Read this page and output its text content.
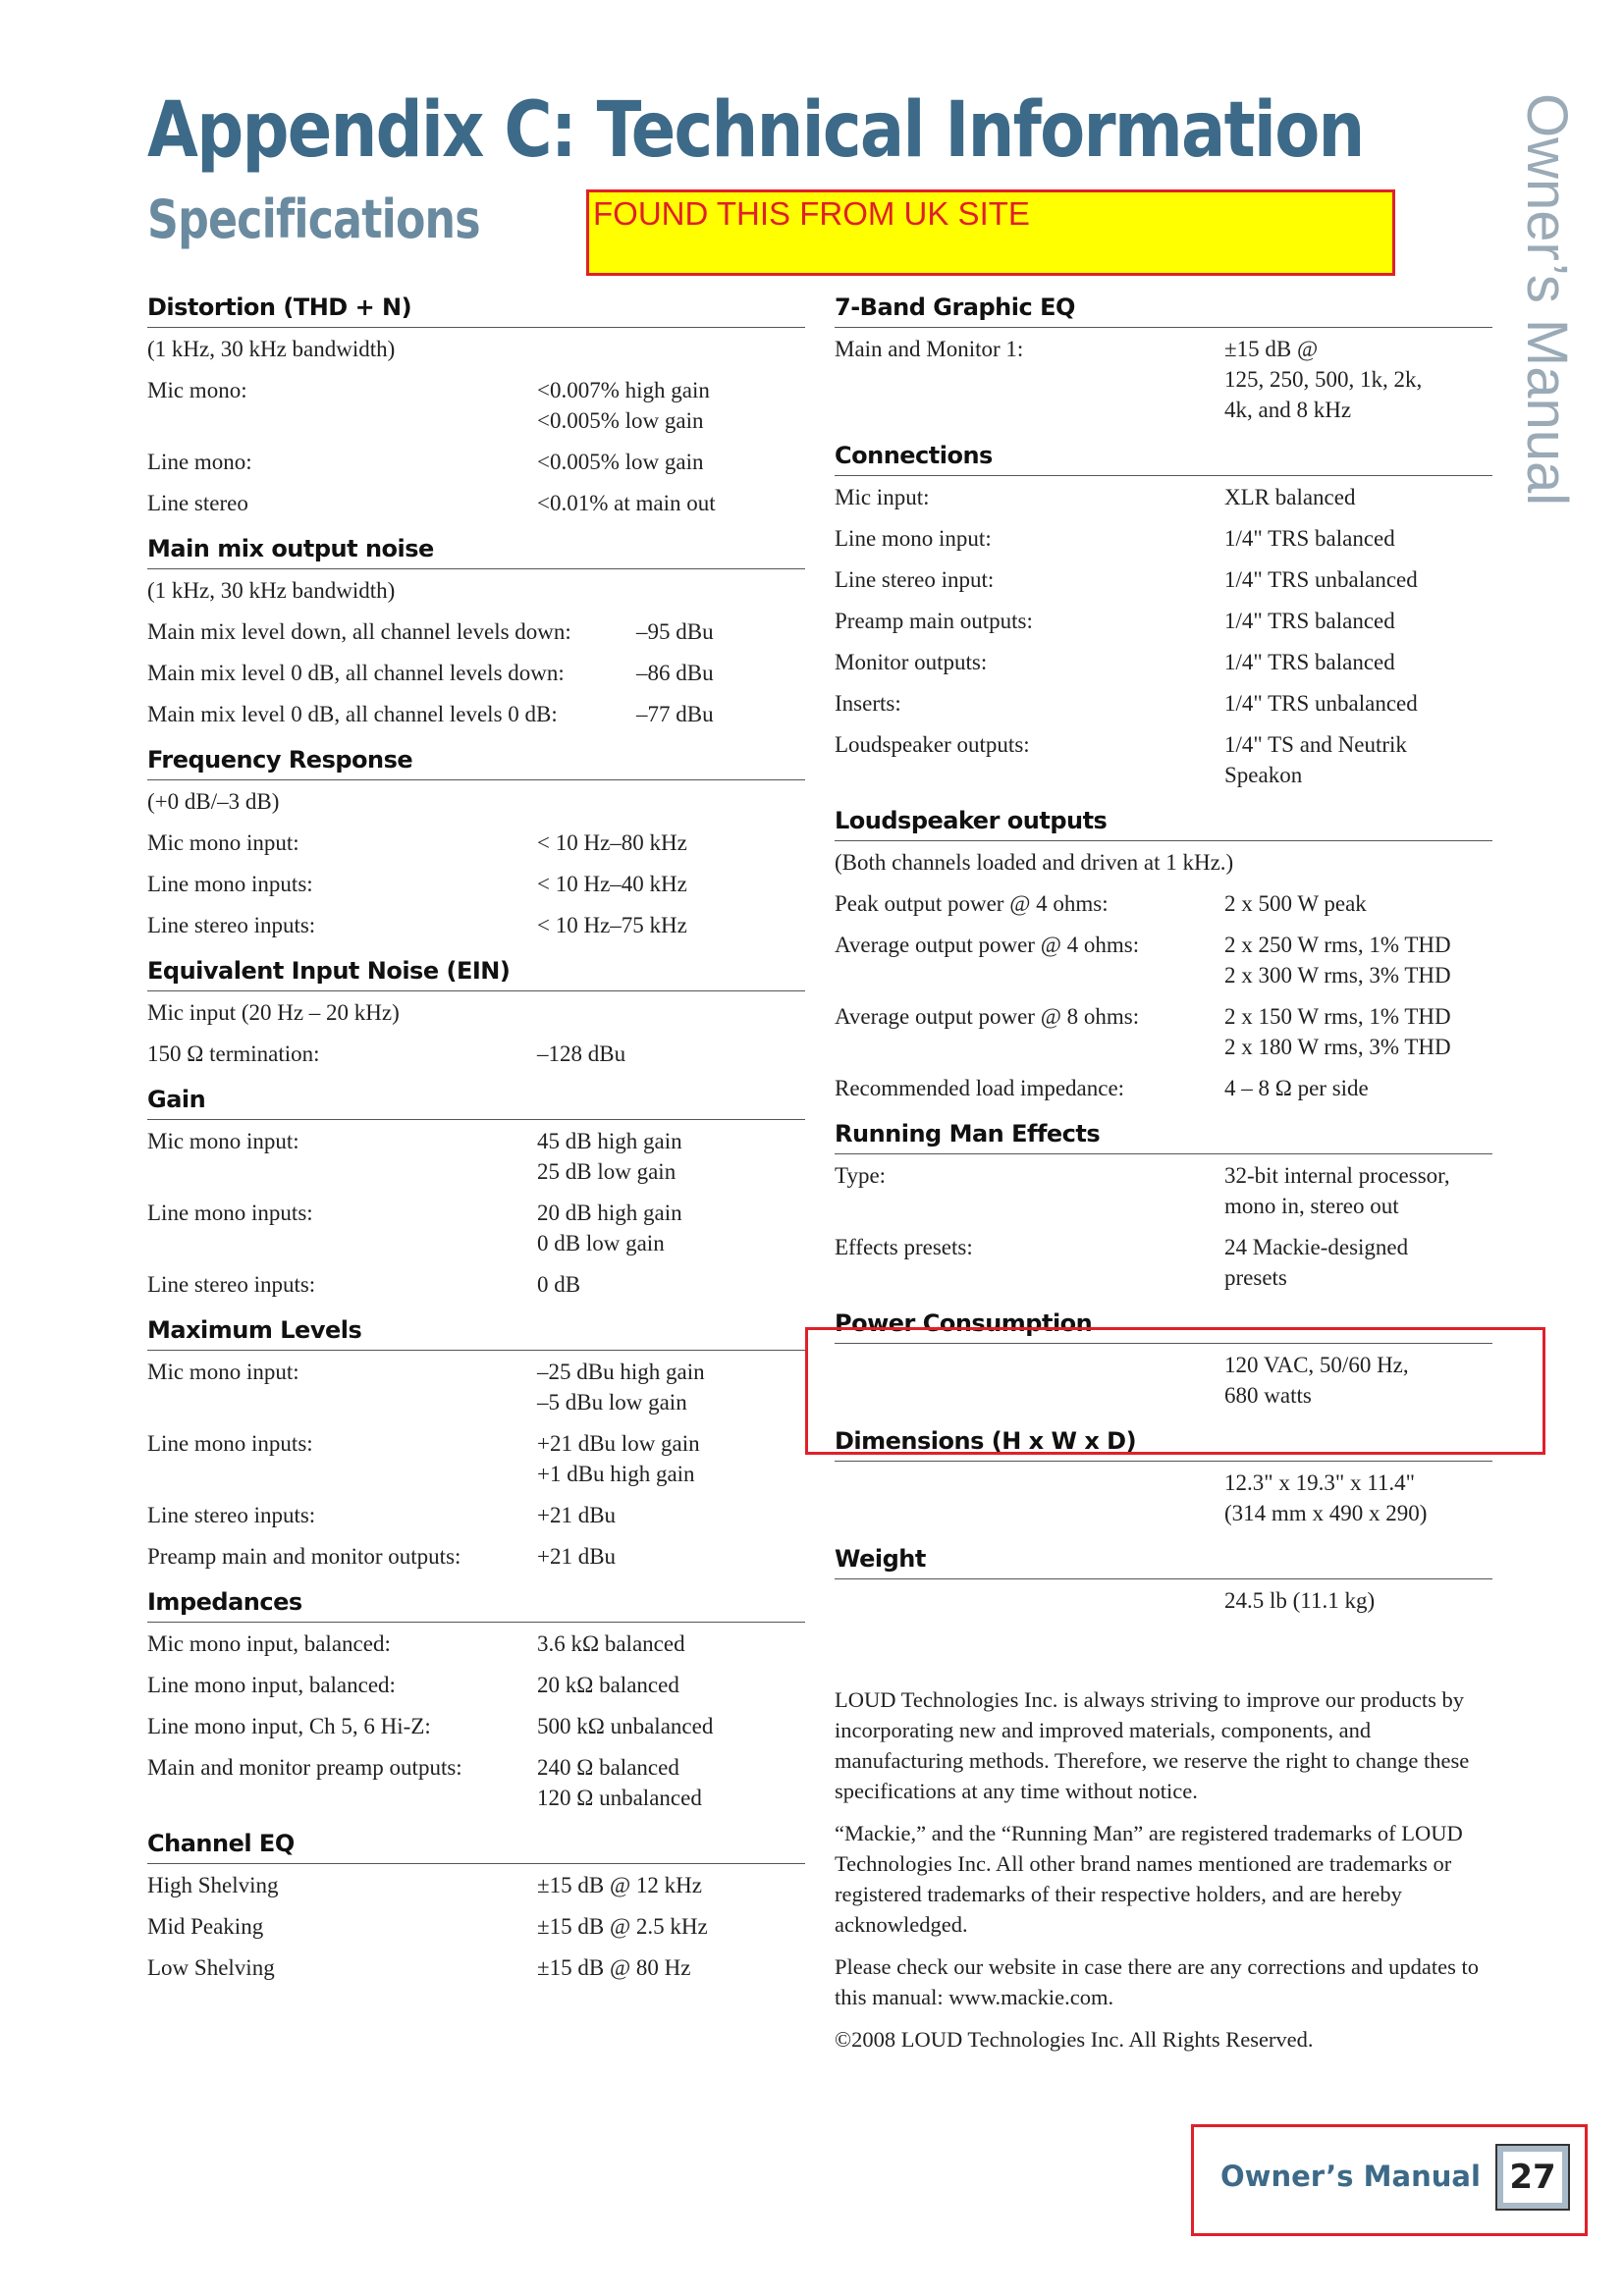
Appendix C: Technical Information
Specifications	Owner’s Manual
FOUND THIS FROM UK SITE
Distortion (THD + N)
(1 kHz, 30 kHz bandwidth)
Mic mono:	<0.007% high gain
<0.005% low gain
Line mono:	<0.005% low gain
Line stereo	<0.01% at main out
Main mix output noise
(1 kHz, 30 kHz bandwidth)
Main mix level down, all channel levels down:	–95 dBu
Main mix level 0 dB, all channel levels down:	–86 dBu
Main mix level 0 dB, all channel levels 0 dB:	–77 dBu
Frequency Response
(+0 dB/–3 dB)
Mic mono input:	< 10 Hz–80 kHz
Line mono inputs:	< 10 Hz–40 kHz
Line stereo inputs:	< 10 Hz–75 kHz
Equivalent Input Noise (EIN)
Mic input (20 Hz – 20 kHz)
150 Ω termination:	–128 dBu
Gain
Mic mono input:	45 dB high gain
25 dB low gain
Line mono inputs:	20 dB high gain
0 dB low gain
Line stereo inputs:	0 dB
Maximum Levels
Mic mono input:	–25 dBu high gain
–5 dBu low gain
Line mono inputs:	+21 dBu low gain
+1 dBu high gain
Line stereo inputs:	+21 dBu
Preamp main and monitor outputs:	+21 dBu
Impedances
Mic mono input, balanced:	3.6 kΩ balanced
Line mono input, balanced:	20 kΩ balanced
Line mono input, Ch 5, 6 Hi-Z:	500 kΩ unbalanced
Main and monitor preamp outputs:	240 Ω balanced
120 Ω unbalanced
Channel EQ
High Shelving	±15 dB @ 12 kHz
Mid Peaking	±15 dB @ 2.5 kHz
Low Shelving	±15 dB @ 80 Hz
7-Band Graphic EQ
Main and Monitor 1:	±15 dB @
125, 250, 500, 1k, 2k,
4k, and 8 kHz
Connections
Mic input:	XLR balanced
Line mono input:	1/4" TRS balanced
Line stereo input:	1/4" TRS unbalanced
Preamp main outputs:	1/4" TRS balanced
Monitor outputs:	1/4" TRS balanced
Inserts:	1/4" TRS unbalanced
Loudspeaker outputs:	1/4" TS and Neutrik
Speakon
Loudspeaker outputs
(Both channels loaded and driven at 1 kHz.)
Peak output power @ 4 ohms:	2 x 500 W peak
Average output power @ 4 ohms:	2 x 250 W rms, 1% THD
2 x 300 W rms, 3% THD
Average output power @ 8 ohms:	2 x 150 W rms, 1% THD
2 x 180 W rms, 3% THD
Recommended load impedance:	4 – 8 Ω per side
Running Man Effects
Type:	32-bit internal processor,
mono in, stereo out
Effects presets:	24 Mackie-designed
presets
Power Consumption
120 VAC, 50/60 Hz,
680 watts
Dimensions (H x W x D)
12.3" x 19.3" x 11.4"
(314 mm x 490 x 290)
Weight
24.5 lb (11.1 kg)

LOUD Technologies Inc. is always striving to improve our products by incorporating new and improved materials, components, and manufacturing methods. Therefore, we reserve the right to change these specifications at any time without notice.

“Mackie,” and the “Running Man” are registered trademarks of LOUD Technologies Inc. All other brand names mentioned are trademarks or registered trademarks of their respective holders, and are hereby acknowledged.

Please check our website in case there are any corrections and updates to this manual: www.mackie.com.

©2008 LOUD Technologies Inc. All Rights Reserved.

Owner’s Manual 27
